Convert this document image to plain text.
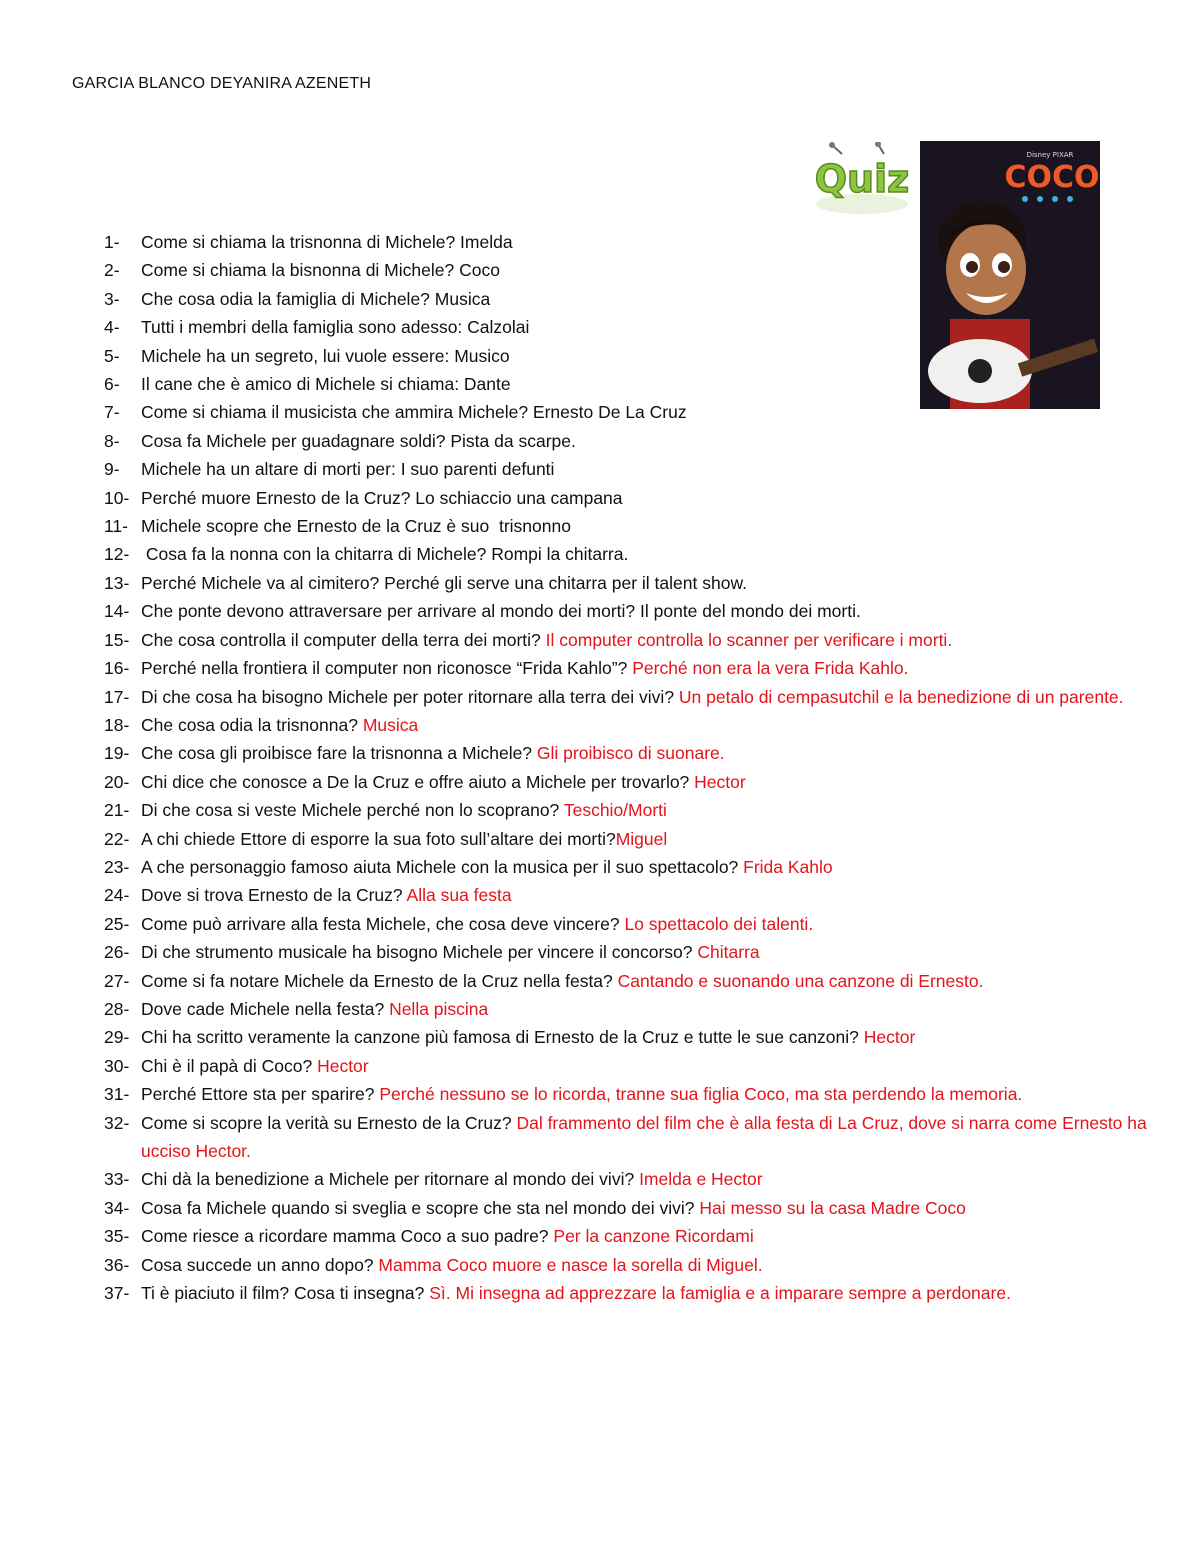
GARCIA BLANCO DEYANIRA AZENETH
Quiz
Disney PIXAR
COCO
1-	Come si chiama la trisnonna di Michele? Imelda
2-	Come si chiama la bisnonna di Michele? Coco
3-	Che cosa odia la famiglia di Michele? Musica
4-	Tutti i membri della famiglia sono adesso: Calzolai
5-	Michele ha un segreto, lui vuole essere: Musico
6-	Il cane che è amico di Michele si chiama: Dante
7-	Come si chiama il musicista che ammira Michele? Ernesto De La Cruz
8-	Cosa fa Michele per guadagnare soldi? Pista da scarpe.
9-	Michele ha un altare di morti per: I suo parenti defunti
10- Perché muore Ernesto de la Cruz? Lo schiaccio una campana
11- Michele scopre che Ernesto de la Cruz è suo  trisnonno
12- Cosa fa la nonna con la chitarra di Michele? Rompi la chitarra.
13- Perché Michele va al cimitero? Perché gli serve una chitarra per il talent show.
14- Che ponte devono attraversare per arrivare al mondo dei morti? Il ponte del mondo dei morti.
15- Che cosa controlla il computer della terra dei morti? Il computer controlla lo scanner per verificare i morti.
16- Perché nella frontiera il computer non riconosce “Frida Kahlo”? Perché non era la vera Frida Kahlo.
17- Di che cosa ha bisogno Michele per poter ritornare alla terra dei vivi? Un petalo di cempasutchil e la benedizione di un parente.
18- Che cosa odia la trisnonna? Musica
19- Che cosa gli proibisce fare la trisnonna a Michele? Gli proibisco di suonare.
20- Chi dice che conosce a De la Cruz e offre aiuto a Michele per trovarlo? Hector
21- Di che cosa si veste Michele perché non lo scoprano? Teschio/Morti
22- A chi chiede Ettore di esporre la sua foto sull’altare dei morti?Miguel
23- A che personaggio famoso aiuta Michele con la musica per il suo spettacolo? Frida Kahlo
24- Dove si trova Ernesto de la Cruz? Alla sua festa
25- Come può arrivare alla festa Michele, che cosa deve vincere? Lo spettacolo dei talenti.
26- Di che strumento musicale ha bisogno Michele per vincere il concorso? Chitarra
27- Come si fa notare Michele da Ernesto de la Cruz nella festa? Cantando e suonando una canzone di Ernesto.
28- Dove cade Michele nella festa? Nella piscina
29- Chi ha scritto veramente la canzone più famosa di Ernesto de la Cruz e tutte le sue canzoni? Hector
30- Chi è il papà di Coco? Hector
31- Perché Ettore sta per sparire? Perché nessuno se lo ricorda, tranne sua figlia Coco, ma sta perdendo la memoria.
32- Come si scopre la verità su Ernesto de la Cruz? Dal frammento del film che è alla festa di La Cruz, dove si narra come Ernesto ha ucciso Hector.
33- Chi dà la benedizione a Michele per ritornare al mondo dei vivi? Imelda e Hector
34- Cosa fa Michele quando si sveglia e scopre che sta nel mondo dei vivi? Hai messo su la casa Madre Coco
35- Come riesce a ricordare mamma Coco a suo padre? Per la canzone Ricordami
36- Cosa succede un anno dopo? Mamma Coco muore e nasce la sorella di Miguel.
37- Ti è piaciuto il film? Cosa ti insegna? Sì. Mi insegna ad apprezzare la famiglia e a imparare sempre a perdonare.
